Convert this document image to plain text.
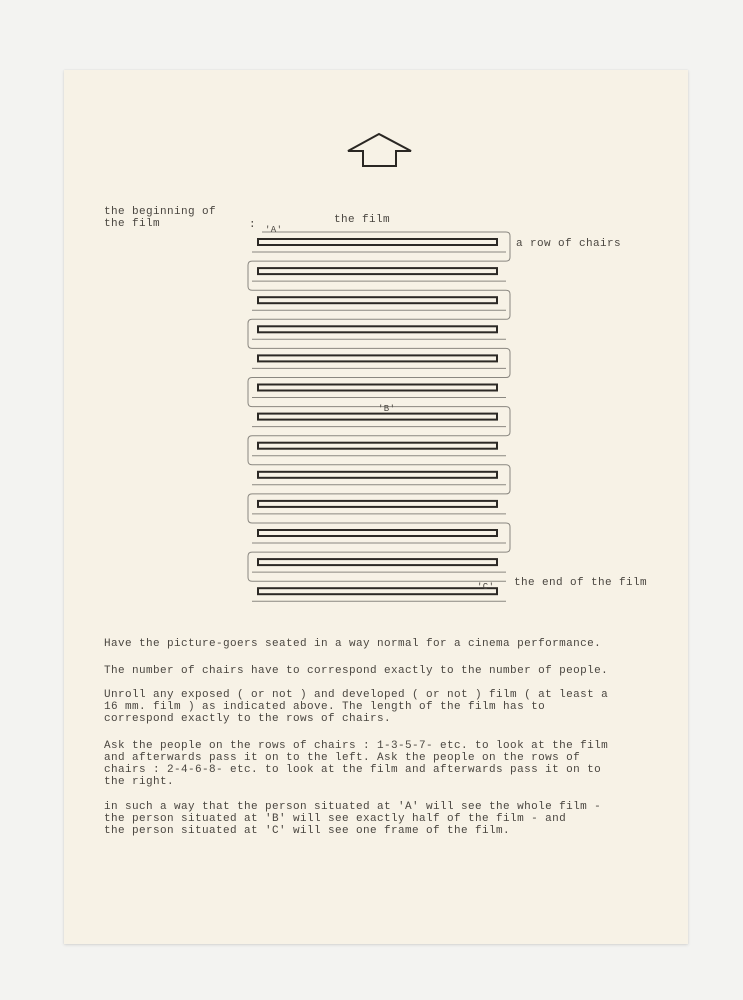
the beginning of
the film	:	the film

a row of chairs

the end of the film

'A'

'B'

'C'

Have the picture-goers seated in a way normal for a cinema performance.

The number of chairs have to correspond exactly to the number of people.

Unroll any exposed ( or not ) and developed ( or not ) film ( at least a
16 mm. film ) as indicated above. The length of the film has to
correspond exactly to the rows of chairs.

Ask the people on the rows of chairs : 1-3-5-7- etc. to look at the film
and afterwards pass it on to the left. Ask the people on the rows of
chairs : 2-4-6-8- etc. to look at the film and afterwards pass it on to
the right.

in such a way that the person situated at 'A' will see the whole film -
the person situated at 'B' will see exactly half of the film - and
the person situated at 'C' will see one frame of the film.
